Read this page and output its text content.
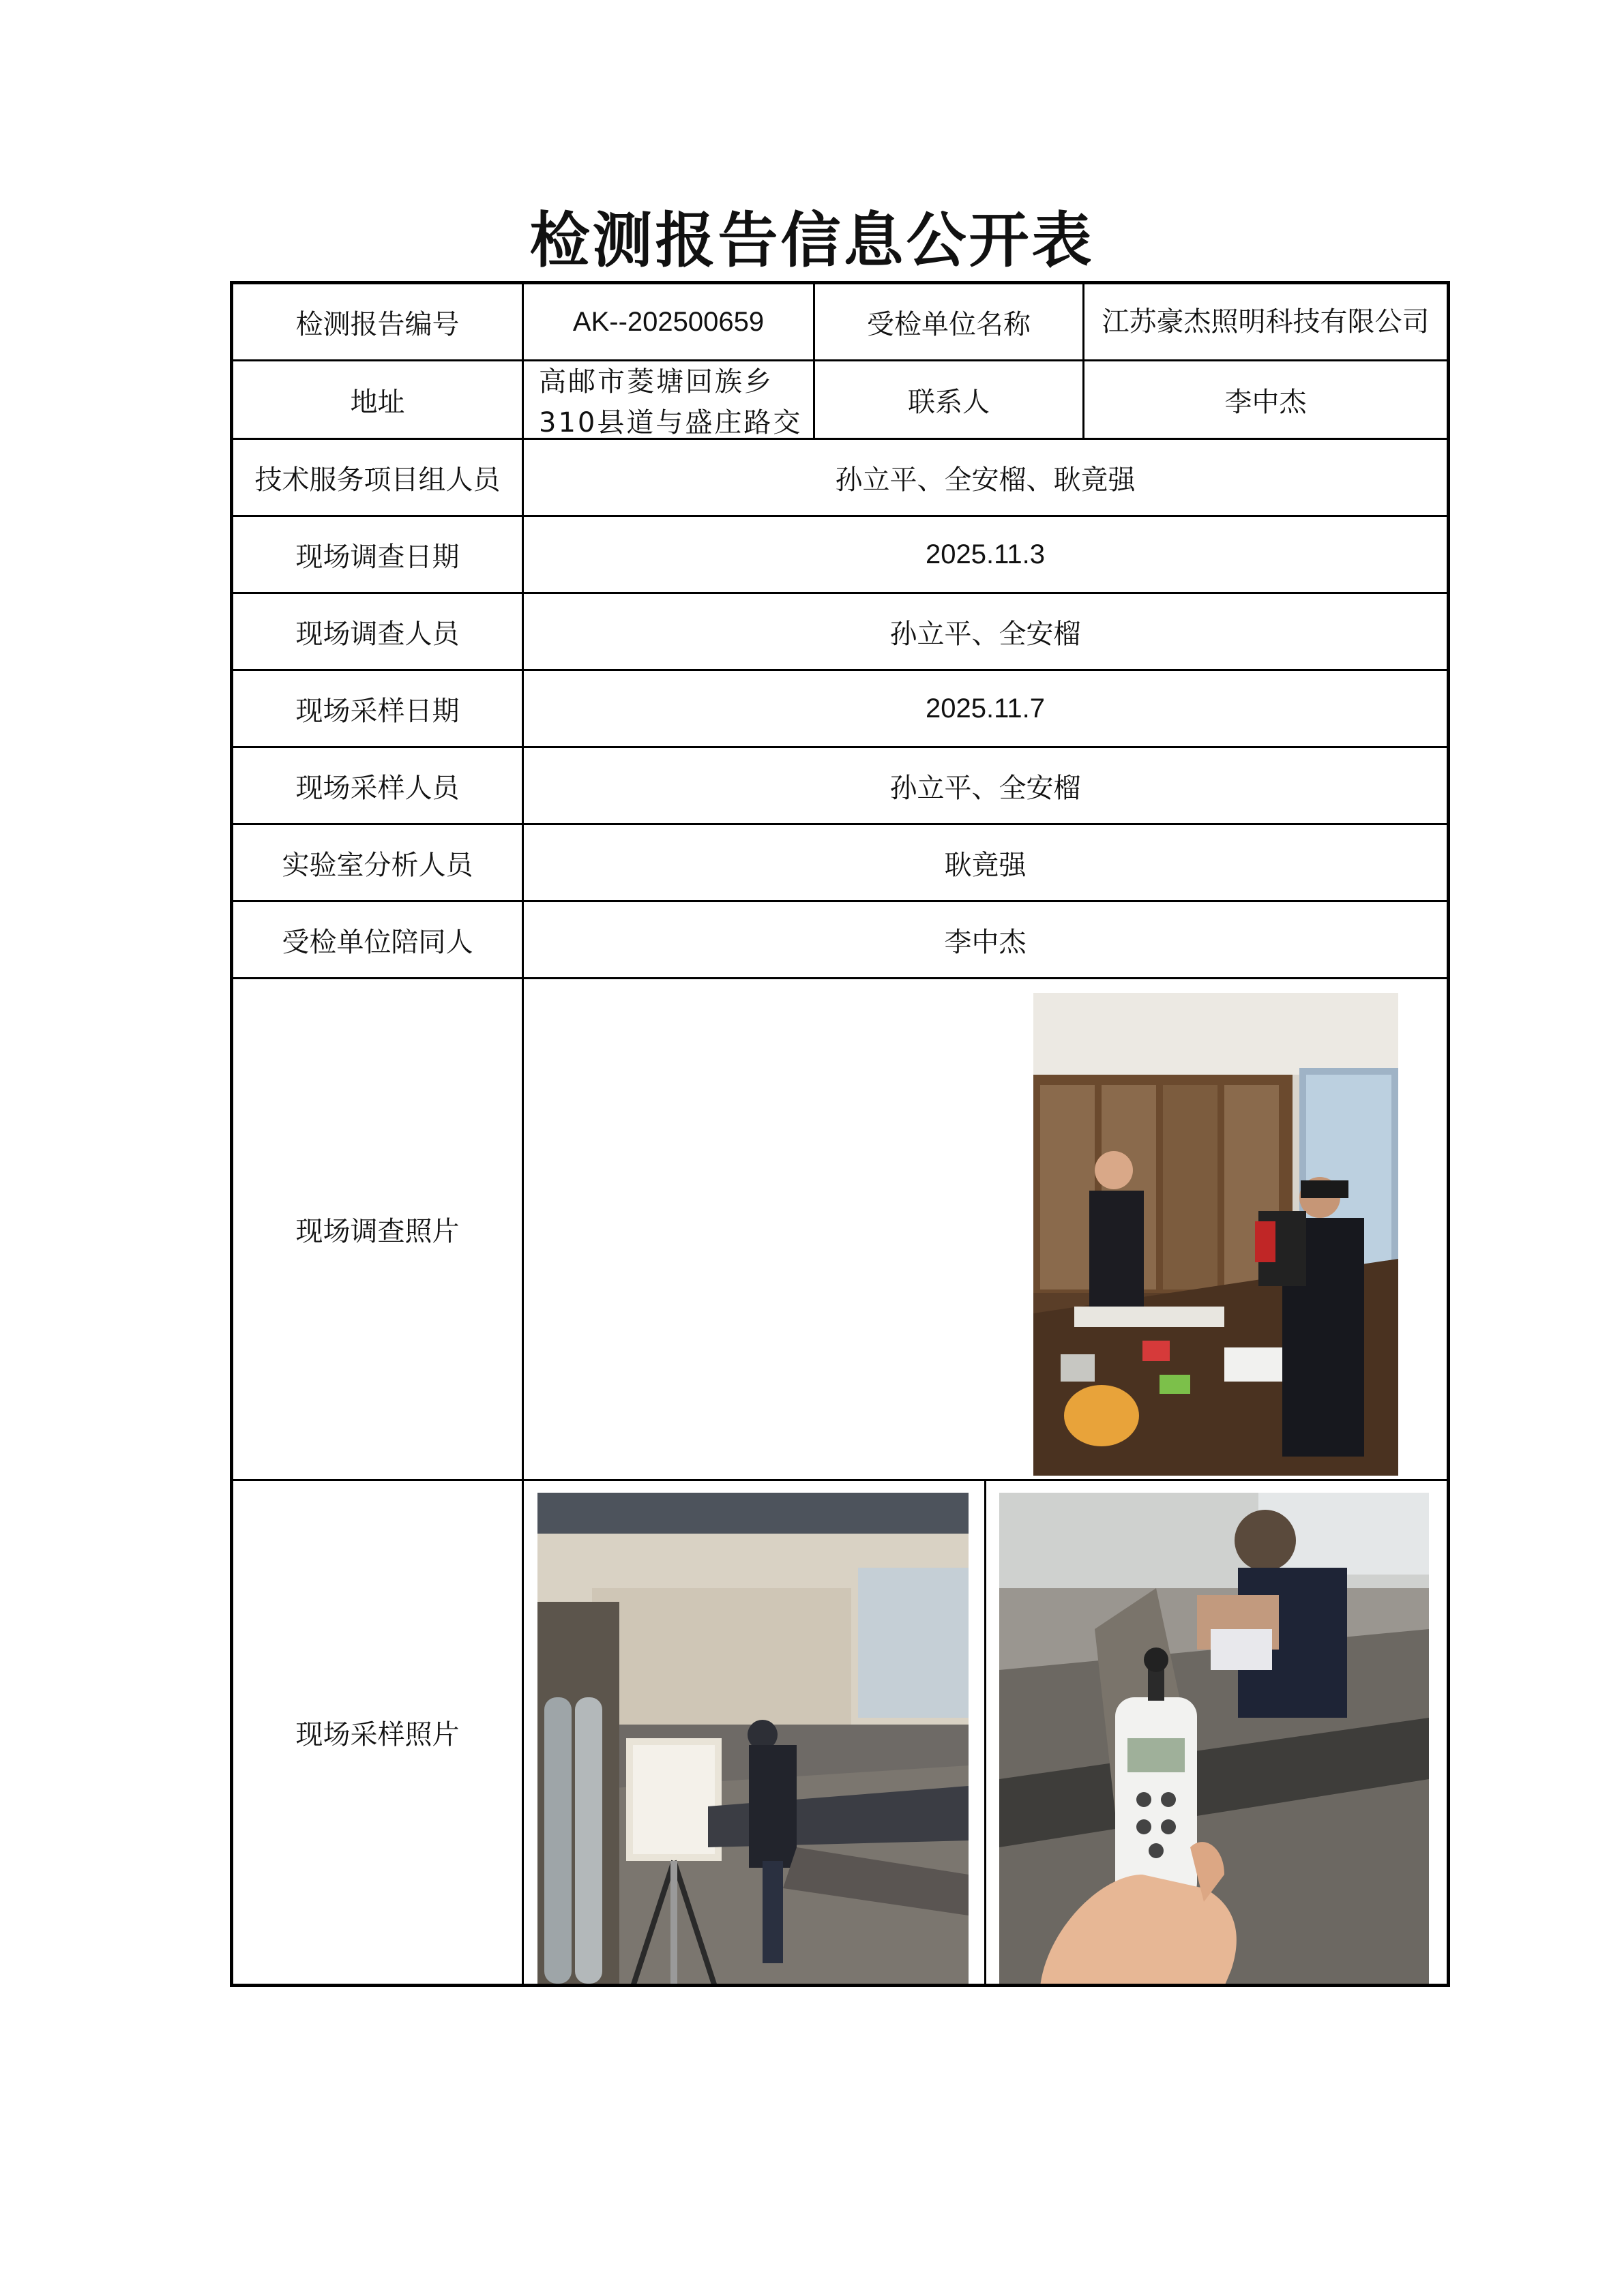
检测报告信息公开表
检测报告编号	AK--202500659	受检单位名称	江苏豪杰照明科技有限公司
地址	高邮市菱塘回族乡310县道与盛庄路交	联系人	李中杰
技术服务项目组人员	孙立平、全安榴、耿竟强		
现场调查日期	2025.11.3		
现场调查人员	孙立平、全安榴		
现场采样日期	2025.11.7		
现场采样人员	孙立平、全安榴		
实验室分析人员	耿竟强		
受检单位陪同人	李中杰		
现场调查照片	

现场采样照片	
